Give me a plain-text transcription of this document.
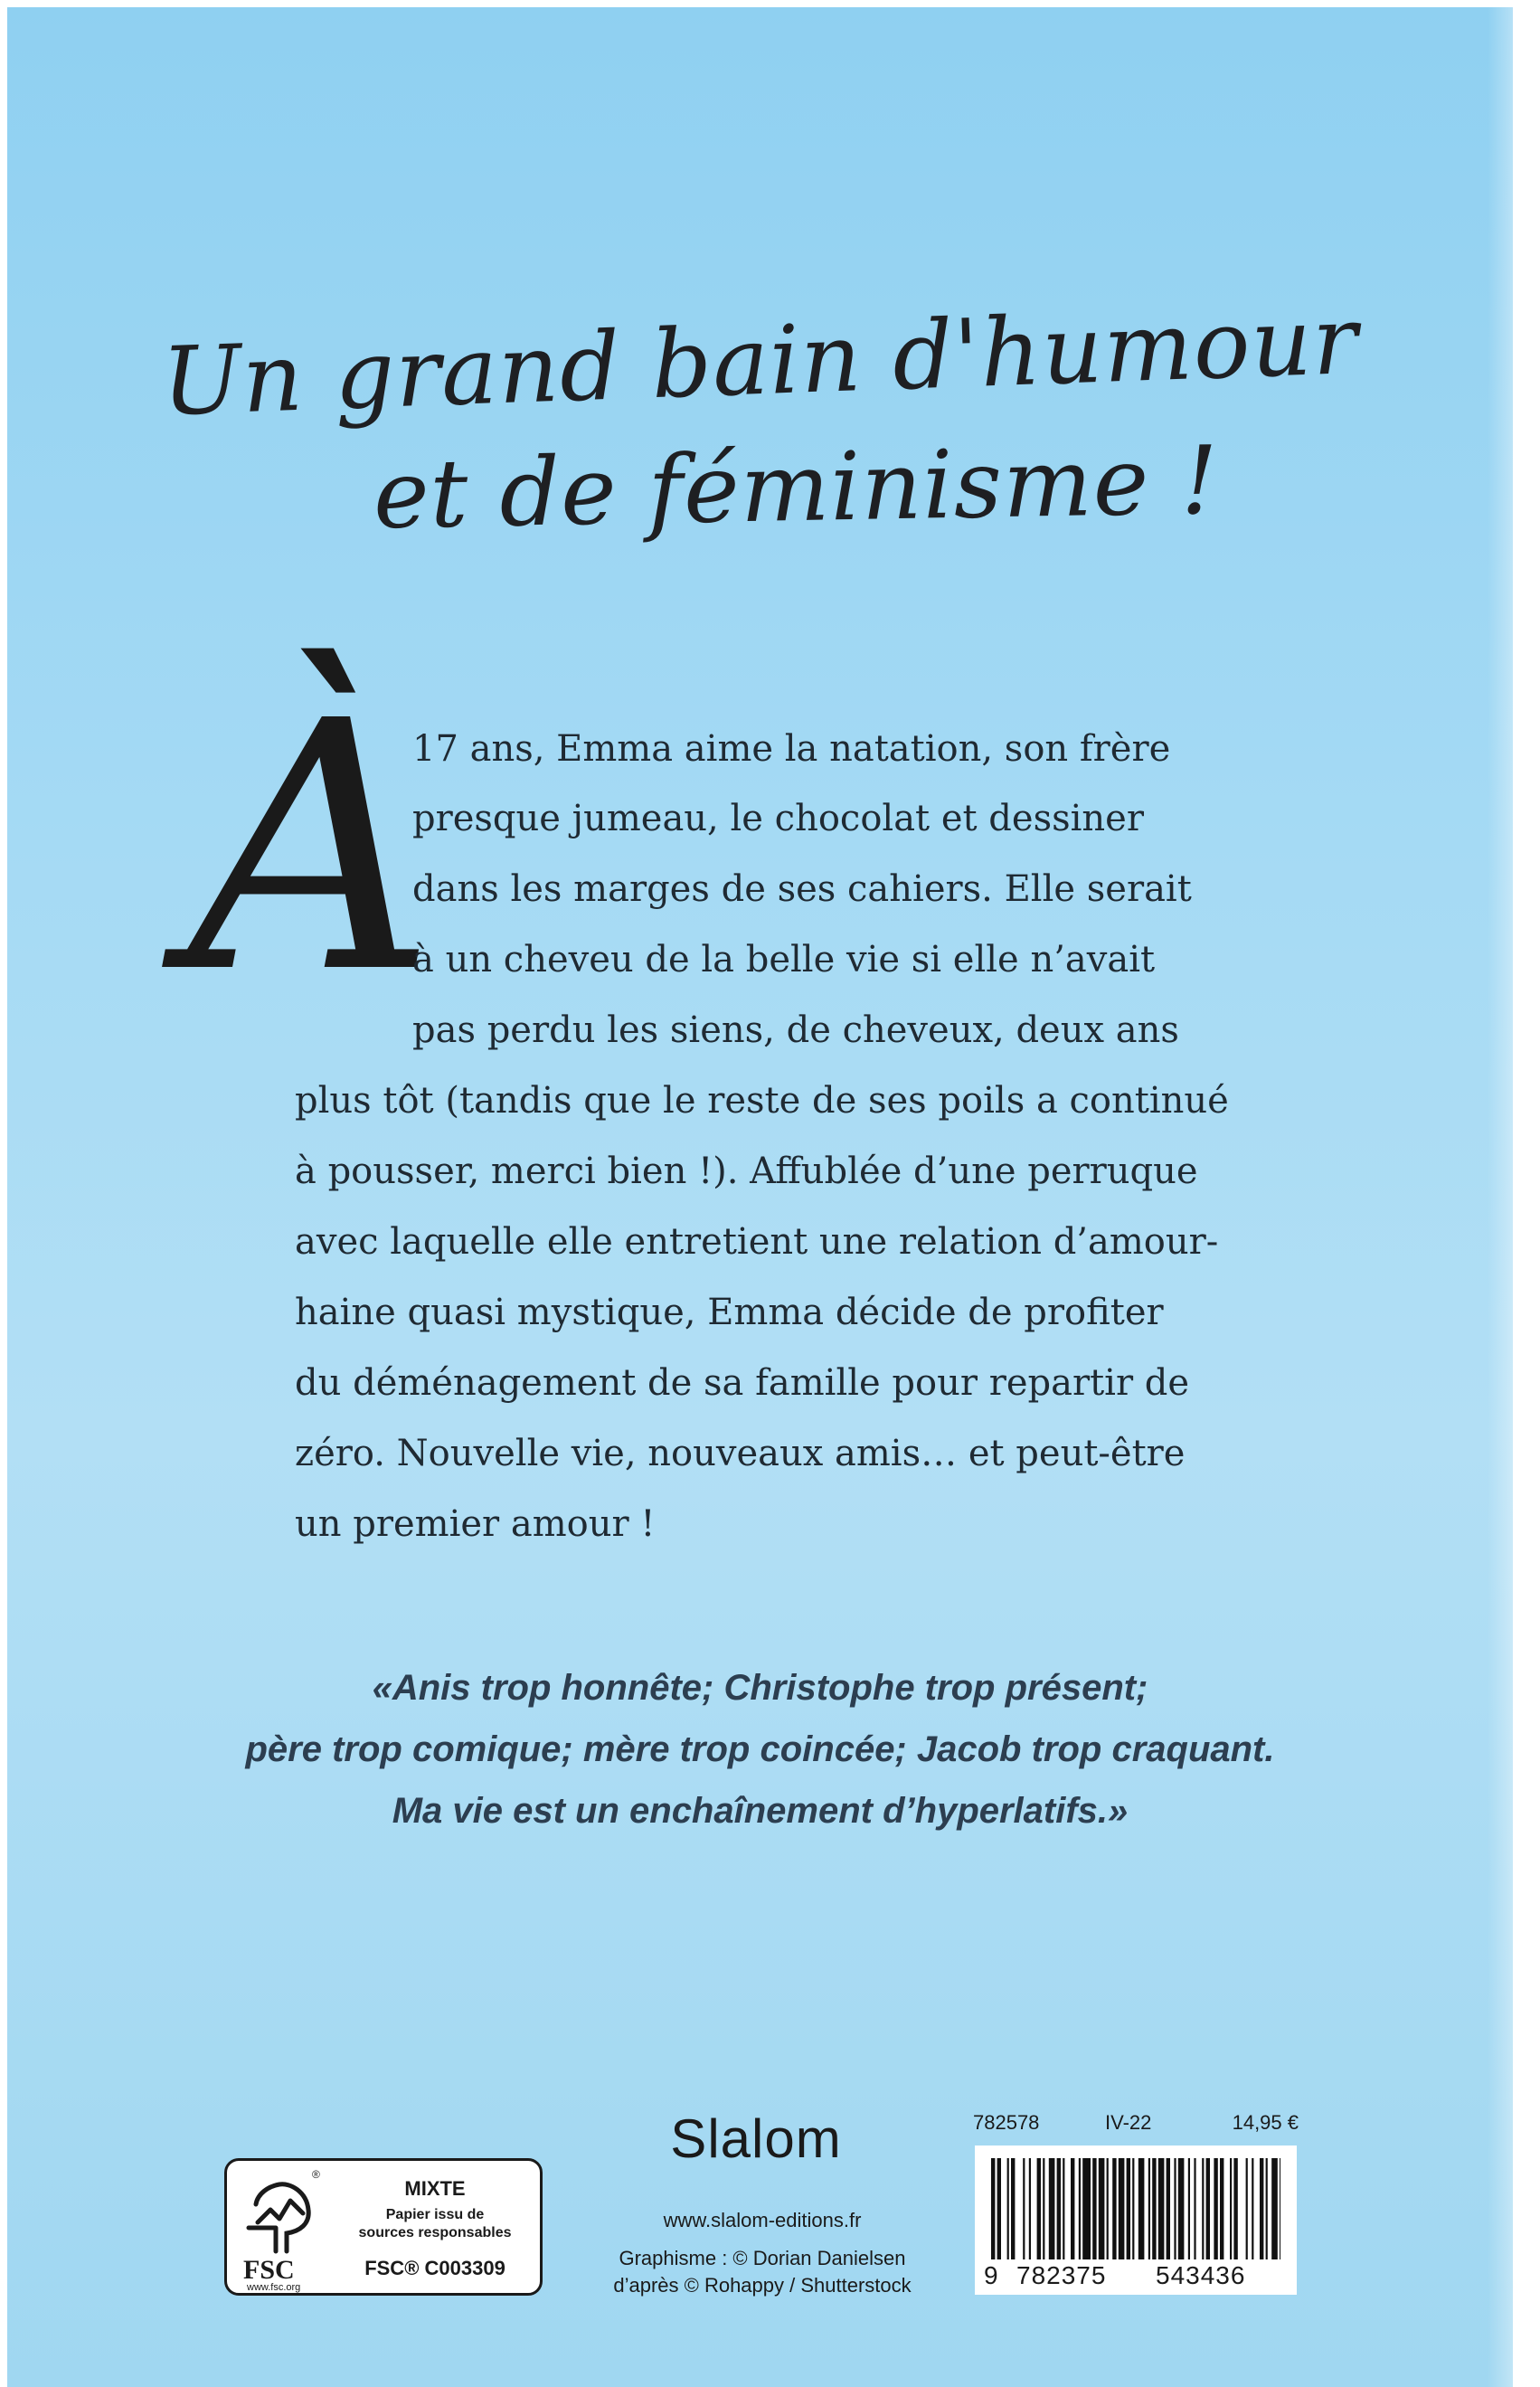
Un grand bain d'humour
et de féminisme !
À
17 ans, Emma aime la natation, son frère
presque jumeau, le chocolat et dessiner
dans les marges de ses cahiers. Elle serait
à un cheveu de la belle vie si elle n’avait
pas perdu les siens, de cheveux, deux ans
plus tôt (tandis que le reste de ses poils a continué
à pousser, merci bien !). Affublée d’une perruque
avec laquelle elle entretient une relation d’amour-
haine quasi mystique, Emma décide de profiter
du déménagement de sa famille pour repartir de
zéro. Nouvelle vie, nouveaux amis… et peut-être
un premier amour !
«Anis trop honnête; Christophe trop présent;
père trop comique; mère trop coincée; Jacob trop craquant.
Ma vie est un enchaînement d’hyperlatifs.»
®
FSC
www.fsc.org
MIXTE
Papier issu de
sources responsables
FSC® C003309
Slalom
www.slalom-editions.fr
Graphisme : © Dorian Danielsen
d’après © Rohappy / Shutterstock
782578	IV-22	14,95 €
9 782375 543436
